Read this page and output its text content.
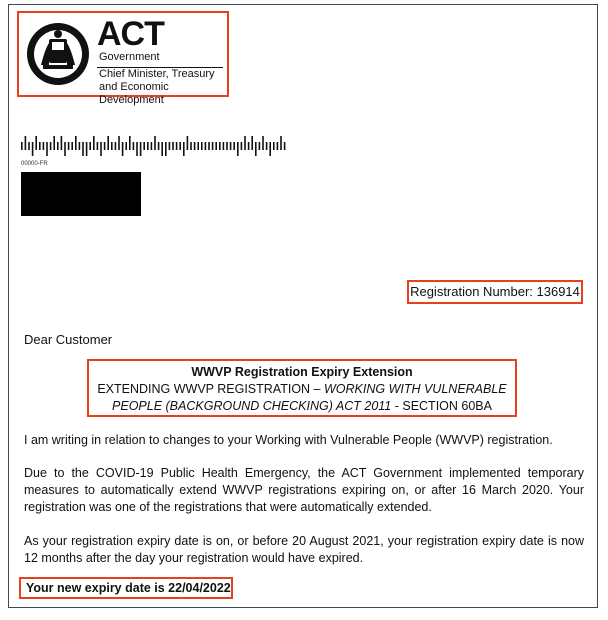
ACT
Government
Chief Minister, Treasury and Economic Development
00000-FR
Registration Number: 136914
Dear Customer
WWVP Registration Expiry Extension
EXTENDING WWVP REGISTRATION – WORKING WITH VULNERABLE PEOPLE (BACKGROUND CHECKING) ACT 2011 - SECTION 60BA
I am writing in relation to changes to your Working with Vulnerable People (WWVP) registration.
Due to the COVID-19 Public Health Emergency, the ACT Government implemented temporary measures to automatically extend WWVP registrations expiring on, or after 16 March 2020. Your registration was one of the registrations that were automatically extended.
As your registration expiry date is on, or before 20 August 2021, your registration expiry date is now 12 months after the day your registration would have expired.
Your new expiry date is 22/04/2022
